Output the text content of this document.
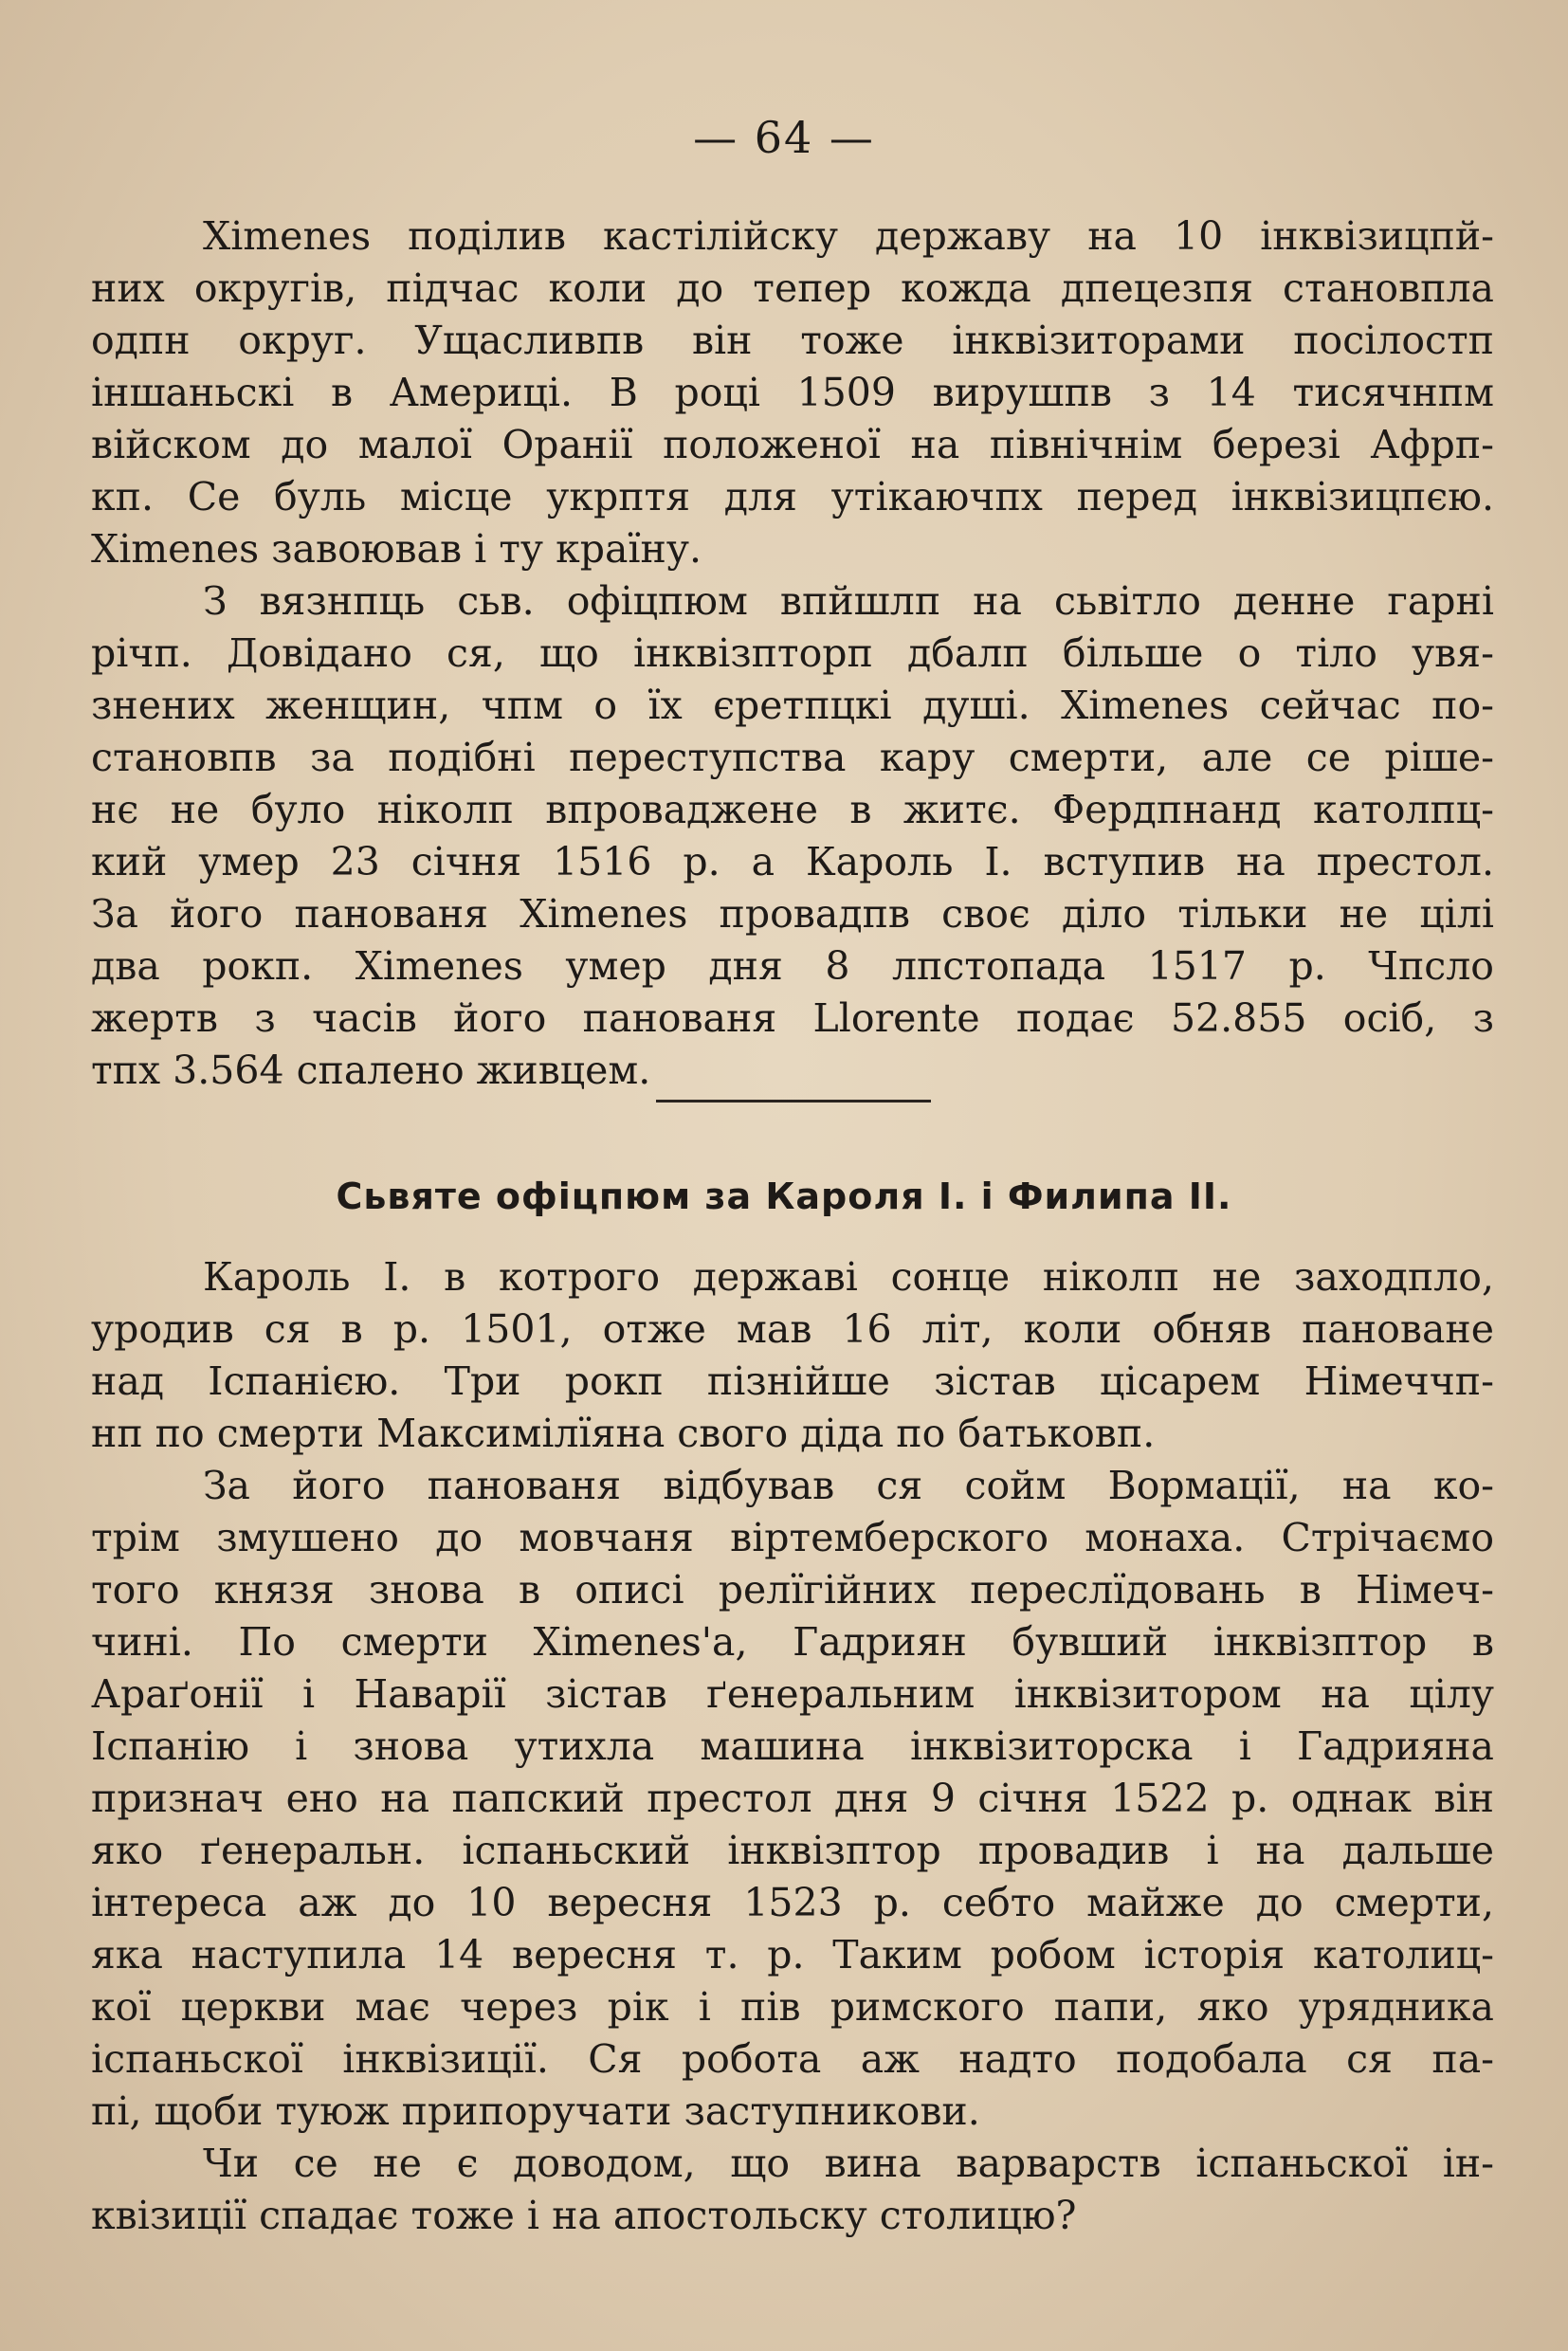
— 64 —

Ximenes поділив кастілійску державу на 10 інквізицпй-
них округів, підчас коли до тепер кожда дпецезпя становпла
одпн округ. Ущасливпв він тоже інквізиторами посілостп
іншаньскі в Америці. В році 1509 вирушпв з 14 тисячнпм
війском до малої Оранії положеної на північнім березі Афрп-
кп. Се буль місце укрптя для утікаючпх перед інквізицпєю.
Ximenes завоював і ту країну.

З вязнпць сьв. офіцпюм впйшлп на сьвітло денне гарні
річп. Довідано ся, що інквізпторп дбалп більше о тіло увя-
знених женщин, чпм о їх єретпцкі душі. Ximenes сейчас по-
становпв за подібні переступства кару смерти, але се ріше-
нє не було ніколп впроваджене в житє. Фердпнанд католпц-
кий умер 23 січня 1516 р. а Кароль І. вступив на престол.
За його панованя Ximenes провадпв своє діло тільки не цілі
два рокп. Ximenes умер дня 8 лпстопада 1517 р. Чпсло
жертв з часів його панованя Llorente подає 52.855 осіб, з
тпх 3.564 спалено живцем.

Сьвяте офіцпюм за Кароля І. і Филипа ІІ.

Кароль І. в котрого державі сонце ніколп не заходпло,
уродив ся в р. 1501, отже мав 16 літ, коли обняв пановане
над Іспанією. Три рокп пізнійше зістав цісарем Німеччп-
нп по смерти Максимілїяна свого діда по батьковп.

За його панованя відбував ся сойм Вормації, на ко-
трім змушено до мовчаня віртемберского монаха. Стрічаємо
того князя знова в описі релїгійних переслїдовань в Німеч-
чині. По смерти Ximenes'а, Гадриян бувший інквізптор в
Араґонії і Наварії зістав ґенеральним інквізитором на цілу
Іспанію і знова утихла машина інквізиторска і Гадрияна
признач ено на папский престол дня 9 січня 1522 р. однак він
яко ґенеральн. іспаньский інквізптор провадив і на дальше
інтереса аж до 10 вересня 1523 р. себто майже до смерти,
яка наступила 14 вересня т. р. Таким робом історія католиц-
кої церкви має через рік і пів римского папи, яко урядника
іспаньскої інквізиції. Ся робота аж надто подобала ся па-
пі, щоби туюж припоручати заступникови.

Чи се не є доводом, що вина варварств іспаньскої ін-
квізиції спадає тоже і на апостольску столицю?
